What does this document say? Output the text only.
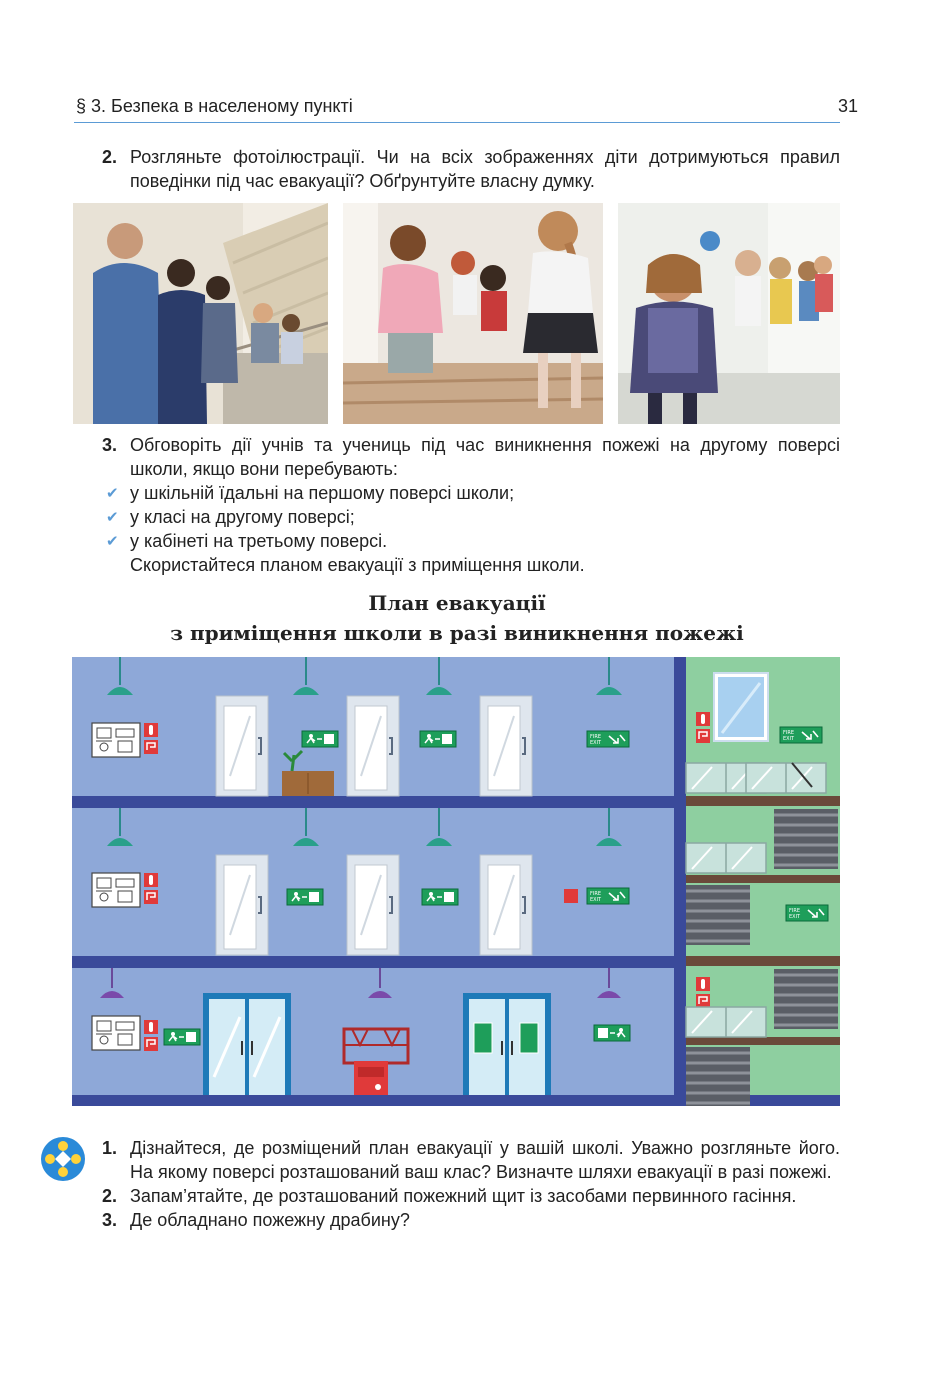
§ 3. Безпека в населеному пункті	31
2. Розгляньте фотоілюстрації. Чи на всіх зображеннях діти дотримуються правил поведінки під час евакуації? Обґрунтуйте власну думку.
3. Обговоріть дії учнів та учениць під час виникнення пожежі на другому поверсі школи, якщо вони перебувають:
✔ у шкільній їдальні на першому поверсі школи;
✔ у класі на другому поверсі;
✔ у кабінеті на третьому поверсі.
Скористайтеся планом евакуації з приміщення школи.
План евакуації
з приміщення школи в разі виникнення пожежі
1. Дізнайтеся, де розміщений план евакуації у вашій школі. Уважно розгляньте його. На якому поверсі розташований ваш клас? Визначте шляхи евакуації в разі пожежі.
2. Запам’ятайте, де розташований пожежний щит із засобами первинного гасіння.
3. Де обладнано пожежну драбину?
